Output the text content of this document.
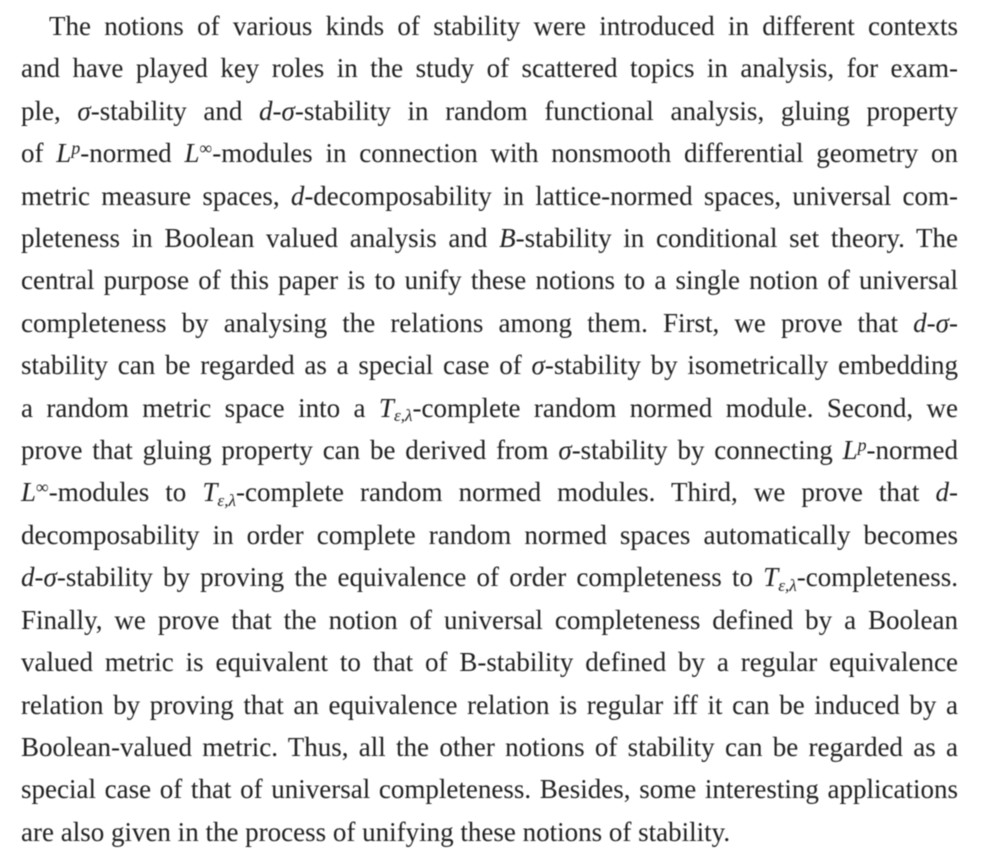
The notions of various kinds of stability were introduced in different contexts
and have played key roles in the study of scattered topics in analysis, for exam-
ple, σ-stability and d-σ-stability in random functional analysis, gluing property
of $L^p$-normed L∞-modules in connection with nonsmooth differential geometry on
metric measure spaces, d-decomposability in lattice-normed spaces, universal com-
pleteness in Boolean valued analysis and B-stability in conditional set theory. The
central purpose of this paper is to unify these notions to a single notion of universal
completeness by analysing the relations among them. First, we prove that d-σ-
stability can be regarded as a special case of σ-stability by isometrically embedding
a random metric space into a Tε,λ-complete random normed module. Second, we
prove that gluing property can be derived from σ-stability by connecting $L^p$-normed
L∞-modules to Tε,λ-complete random normed modules. Third, we prove that d-
decomposability in order complete random normed spaces automatically becomes
d-σ-stability by proving the equivalence of order completeness to Tε,λ-completeness.
Finally, we prove that the notion of universal completeness defined by a Boolean
valued metric is equivalent to that of B-stability defined by a regular equivalence
relation by proving that an equivalence relation is regular iff it can be induced by a
Boolean-valued metric. Thus, all the other notions of stability can be regarded as a
special case of that of universal completeness. Besides, some interesting applications
are also given in the process of unifying these notions of stability.
